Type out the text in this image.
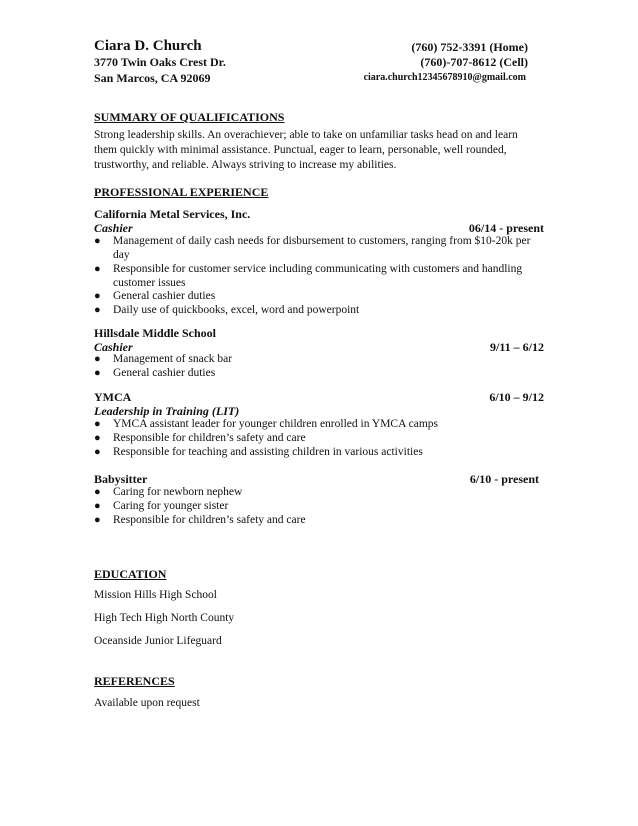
Ciara D. Church
3770 Twin Oaks Crest Dr.
San Marcos, CA 92069
(760) 752-3391 (Home)
(760)-707-8612 (Cell)
ciara.church12345678910@gmail.com
SUMMARY OF QUALIFICATIONS
Strong leadership skills. An overachiever; able to take on unfamiliar tasks head on and learn
them quickly with minimal assistance. Punctual, eager to learn, personable, well rounded,
trustworthy, and reliable. Always striving to increase my abilities.
PROFESSIONAL EXPERIENCE
California Metal Services, Inc.
Cashier	06/14 - present
● Management of daily cash needs for disbursement to customers, ranging from $10-20k per
day
● Responsible for customer service including communicating with customers and handling
customer issues
● General cashier duties
● Daily use of quickbooks, excel, word and powerpoint
Hillsdale Middle School
Cashier	9/11 – 6/12
● Management of snack bar
● General cashier duties
YMCA	6/10 – 9/12
Leadership in Training (LIT)
● YMCA assistant leader for younger children enrolled in YMCA camps
● Responsible for children’s safety and care
● Responsible for teaching and assisting children in various activities
Babysitter	6/10 - present
● Caring for newborn nephew
● Caring for younger sister
● Responsible for children’s safety and care
EDUCATION
Mission Hills High School
High Tech High North County
Oceanside Junior Lifeguard
REFERENCES
Available upon request
